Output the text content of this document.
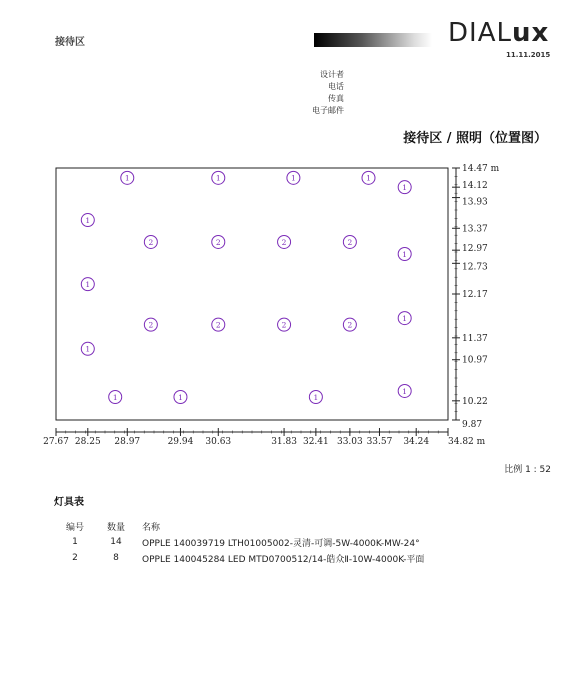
接待区	DIALux
11.11.2015
设计者
电话
传真
电子邮件
接待区 / 照明（位置图）
27.67 28.25 28.97	29.94 30.63	31.83 32.41 33.03 33.57 34.24 34.82 m
14.47 m
14.12
13.93
13.37
12.97
12.73
12.17
11.37
10.97
10.22
9.87
1	1	1	1
1
1
1
1
1
1
1
1	1	1
2	2	2	2
2	2	2	2
比例 1 : 52
灯具表
编号	数量	名称
1	14	OPPLE 140039719 LTH01005002-灵清-可调-5W-4000K-MW-24°
2	8	OPPLE 140045284 LED MTD0700512/14-皓众Ⅱ-10W-4000K-平面
